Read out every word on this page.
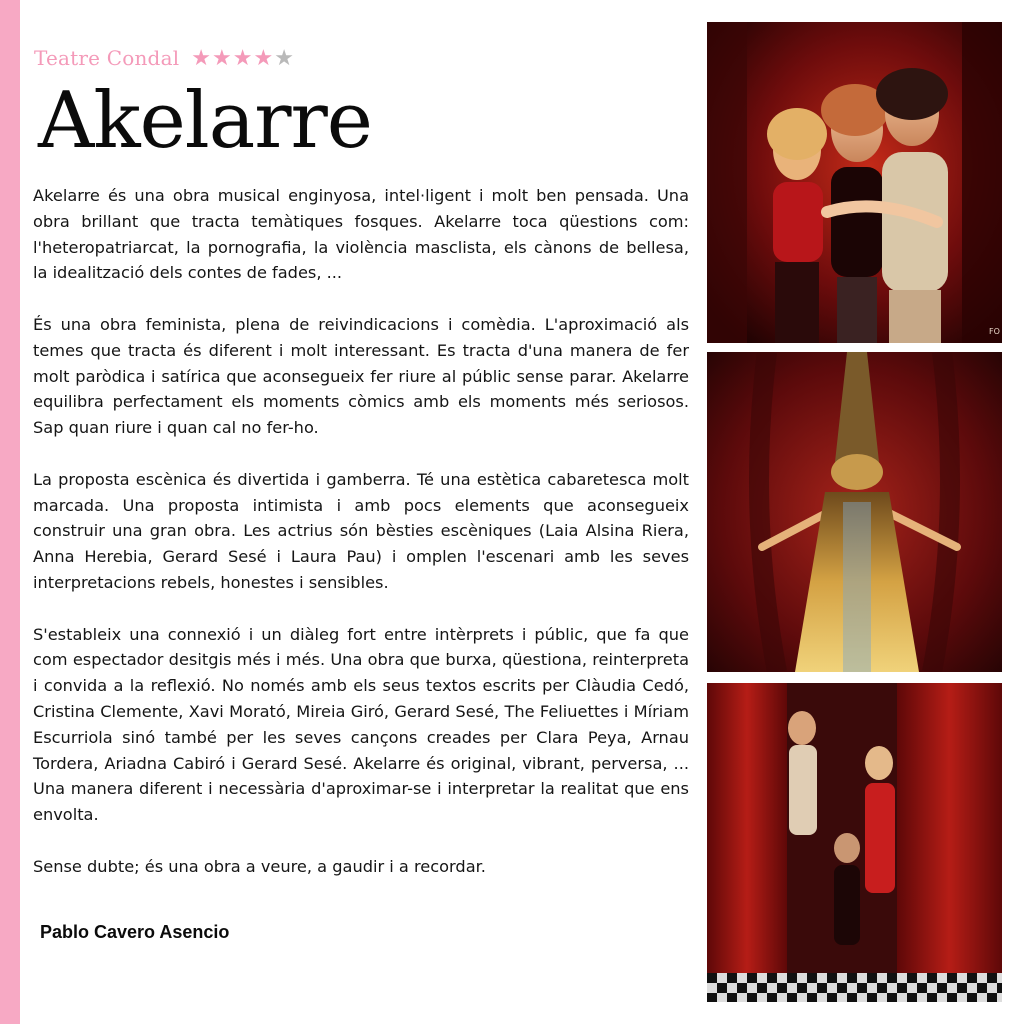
Teatre Condal ★ ★ ★ ★ ★
Akelarre

Akelarre és una obra musical enginyosa, intel·ligent i molt ben pensada. Una obra brillant que tracta temàtiques fosques. Akelarre toca qüestions com: l'heteropatriarcat, la pornografia, la violència masclista, els cànons de bellesa, la idealització dels contes de fades, ...

És una obra feminista, plena de reivindicacions i comèdia. L'aproximació als temes que tracta és diferent i molt interessant. Es tracta d'una manera de fer molt paròdica i satírica que aconsegueix fer riure al públic sense parar. Akelarre equilibra perfectament els moments còmics amb els moments més seriosos. Sap quan riure i quan cal no fer-ho.

La proposta escènica és divertida i gamberra. Té una estètica cabaretesca molt marcada. Una proposta intimista i amb pocs elements que aconsegueix construir una gran obra. Les actrius són bèsties escèniques (Laia Alsina Riera, Anna Herebia, Gerard Sesé i Laura Pau) i omplen l'escenari amb les seves interpretacions rebels, honestes i sensibles.

S'estableix una connexió i un diàleg fort entre intèrprets i públic, que fa que com espectador desitgis més i més. Una obra que burxa, qüestiona, reinterpreta i convida a la reflexió. No només amb els seus textos escrits per Clàudia Cedó, Cristina Clemente, Xavi Morató, Mireia Giró, Gerard Sesé, The Feliuettes i Míriam Escurriola sinó també per les seves cançons creades per Clara Peya, Arnau Tordera, Ariadna Cabiró i Gerard Sesé. Akelarre és original, vibrant, perversa, ... Una manera diferent i necessària d'aproximar-se i interpretar la realitat que ens envolta.

Sense dubte; és una obra a veure, a gaudir i a recordar.

Pablo Cavero Asencio
FO
